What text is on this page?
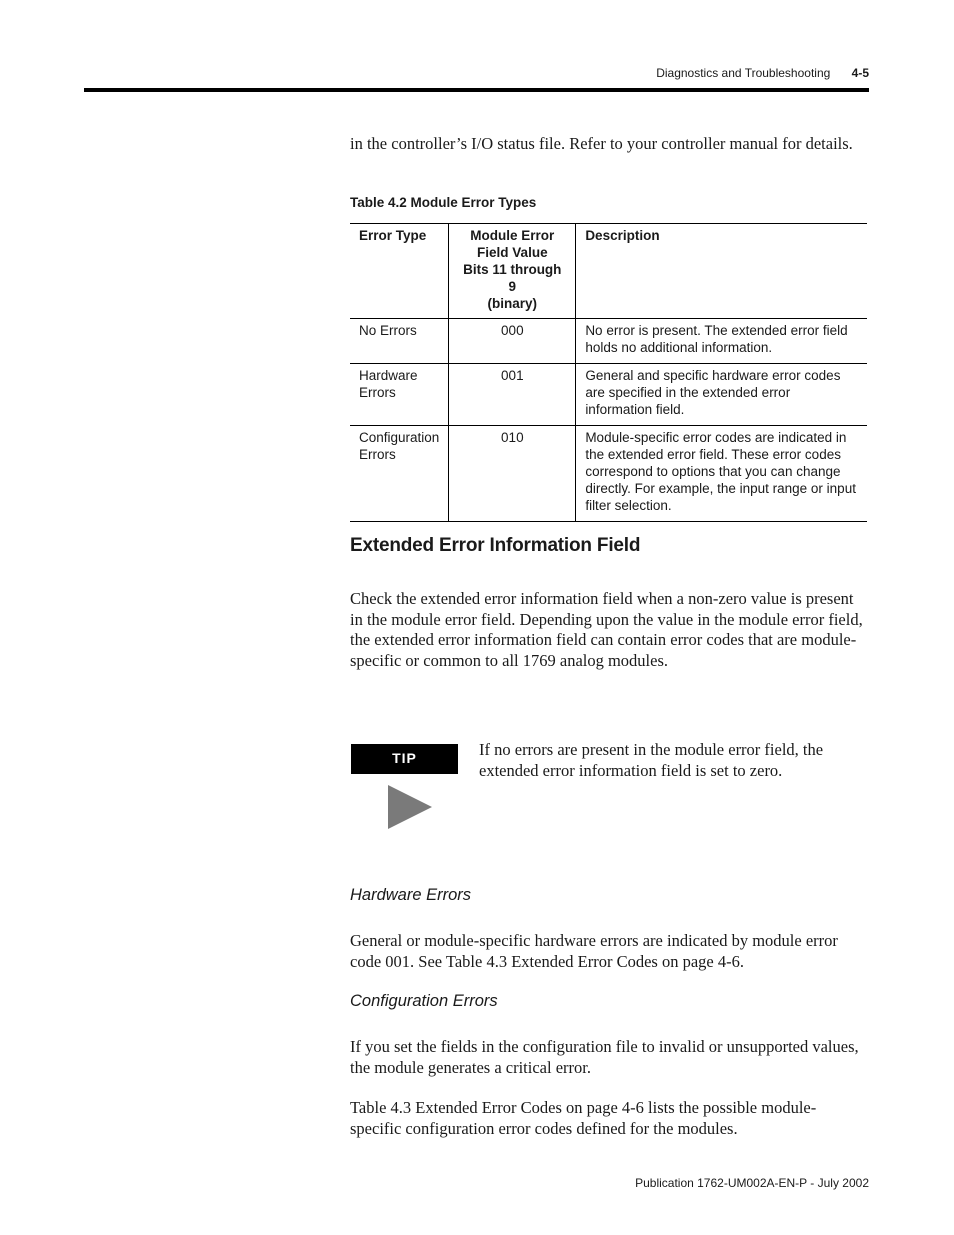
Diagnostics and Troubleshooting 4-5
in the controller’s I/O status file. Refer to your controller manual for details.
Table 4.2 Module Error Types
Error Type	Module Error
Field Value
Bits 11 through 9
(binary)	Description
No Errors	000	No error is present. The extended error field holds no additional information.
Hardware
Errors	001	General and specific hardware error codes are specified in the extended error information field.
Configuration
Errors	010	Module-specific error codes are indicated in the extended error field. These error codes correspond to options that you can change directly. For example, the input range or input filter selection.
Extended Error Information Field
Check the extended error information field when a non-zero value is present in the module error field. Depending upon the value in the module error field, the extended error information field can contain error codes that are module-specific or common to all 1769 analog modules.
TIP	If no errors are present in the module error field, the extended error information field is set to zero.
Hardware Errors
General or module-specific hardware errors are indicated by module error code 001. See Table 4.3 Extended Error Codes on page 4-6.
Configuration Errors
If you set the fields in the configuration file to invalid or unsupported values, the module generates a critical error.
Table 4.3 Extended Error Codes on page 4-6 lists the possible module-specific configuration error codes defined for the modules.
Publication 1762-UM002A-EN-P - July 2002
